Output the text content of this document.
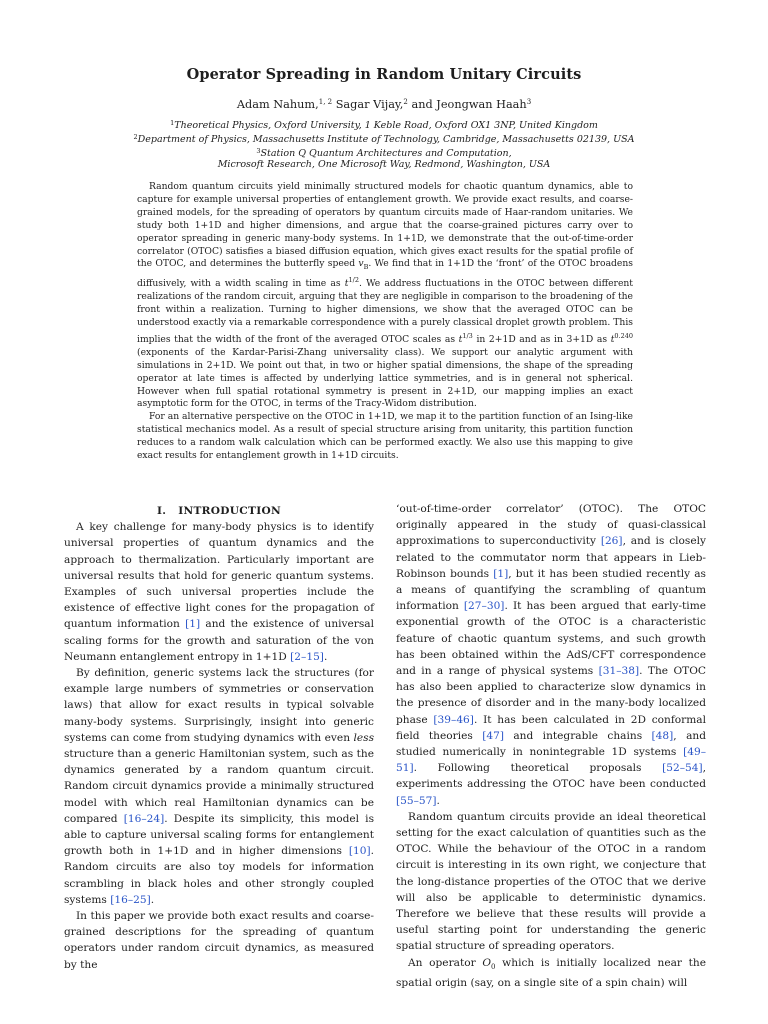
Operator Spreading in Random Unitary Circuits
Adam Nahum,$^{1, 2}$ Sagar Vijay,$^2$ and Jeongwan Haah$^3$
$^1$Theoretical Physics, Oxford University, 1 Keble Road, Oxford OX1 3NP, United Kingdom
$^2$Department of Physics, Massachusetts Institute of Technology, Cambridge, Massachusetts 02139, USA
$^3$Station Q Quantum Architectures and Computation,
Microsoft Research, One Microsoft Way, Redmond, Washington, USA

Random quantum circuits yield minimally structured models for chaotic quantum dynamics, able to capture for example universal properties of entanglement growth. We provide exact results, and coarse-grained models, for the spreading of operators by quantum circuits made of Haar-random unitaries. We study both 1+1D and higher dimensions, and argue that the coarse-grained pictures carry over to operator spreading in generic many-body systems. In 1+1D, we demonstrate that the out-of-time-order correlator (OTOC) satisfies a biased diffusion equation, which gives exact results for the spatial profile of the OTOC, and determines the butterfly speed $v_B$. We find that in 1+1D the ‘front’ of the OTOC broadens diffusively, with a width scaling in time as $t^{1/2}$. We address fluctuations in the OTOC between different realizations of the random circuit, arguing that they are negligible in comparison to the broadening of the front within a realization. Turning to higher dimensions, we show that the averaged OTOC can be understood exactly via a remarkable correspondence with a purely classical droplet growth problem. This implies that the width of the front of the averaged OTOC scales as $t^{1/3}$ in 2+1D and as in 3+1D as $t^{0.240}$ (exponents of the Kardar-Parisi-Zhang universality class). We support our analytic argument with simulations in 2+1D. We point out that, in two or higher spatial dimensions, the shape of the spreading operator at late times is affected by underlying lattice symmetries, and is in general not spherical. However when full spatial rotational symmetry is present in 2+1D, our mapping implies an exact asymptotic form for the OTOC, in terms of the Tracy-Widom distribution.

For an alternative perspective on the OTOC in 1+1D, we map it to the partition function of an Ising-like statistical mechanics model. As a result of special structure arising from unitarity, this partition function reduces to a random walk calculation which can be performed exactly. We also use this mapping to give exact results for entanglement growth in 1+1D circuits.

I. INTRODUCTION

A key challenge for many-body physics is to identify universal properties of quantum dynamics and the approach to thermalization. Particularly important are universal results that hold for generic quantum systems. Examples of such universal properties include the existence of effective light cones for the propagation of quantum information [1] and the existence of universal scaling forms for the growth and saturation of the von Neumann entanglement entropy in 1+1D [2–15].

By definition, generic systems lack the structures (for example large numbers of symmetries or conservation laws) that allow for exact results in typical solvable many-body systems. Surprisingly, insight into generic systems can come from studying dynamics with even less structure than a generic Hamiltonian system, such as the dynamics generated by a random quantum circuit. Random circuit dynamics provide a minimally structured model with which real Hamiltonian dynamics can be compared [16–24]. Despite its simplicity, this model is able to capture universal scaling forms for entanglement growth both in 1+1D and in higher dimensions [10]. Random circuits are also toy models for information scrambling in black holes and other strongly coupled systems [16–25].

In this paper we provide both exact results and coarse-grained descriptions for the spreading of quantum operators under random circuit dynamics, as measured by the

‘out-of-time-order correlator’ (OTOC). The OTOC originally appeared in the study of quasi-classical approximations to superconductivity [26], and is closely related to the commutator norm that appears in Lieb-Robinson bounds [1], but it has been studied recently as a means of quantifying the scrambling of quantum information [27–30]. It has been argued that early-time exponential growth of the OTOC is a characteristic feature of chaotic quantum systems, and such growth has been obtained within the AdS/CFT correspondence and in a range of physical systems [31–38]. The OTOC has also been applied to characterize slow dynamics in the presence of disorder and in the many-body localized phase [39–46]. It has been calculated in 2D conformal field theories [47] and integrable chains [48], and studied numerically in nonintegrable 1D systems [49–51]. Following theoretical proposals [52–54], experiments addressing the OTOC have been conducted [55–57].

Random quantum circuits provide an ideal theoretical setting for the exact calculation of quantities such as the OTOC. While the behaviour of the OTOC in a random circuit is interesting in its own right, we conjecture that the long-distance properties of the OTOC that we derive will also be applicable to deterministic dynamics. Therefore we believe that these results will provide a useful starting point for understanding the generic spatial structure of spreading operators.

An operator $O_0$ which is initially localized near the spatial origin (say, on a single site of a spin chain) will
